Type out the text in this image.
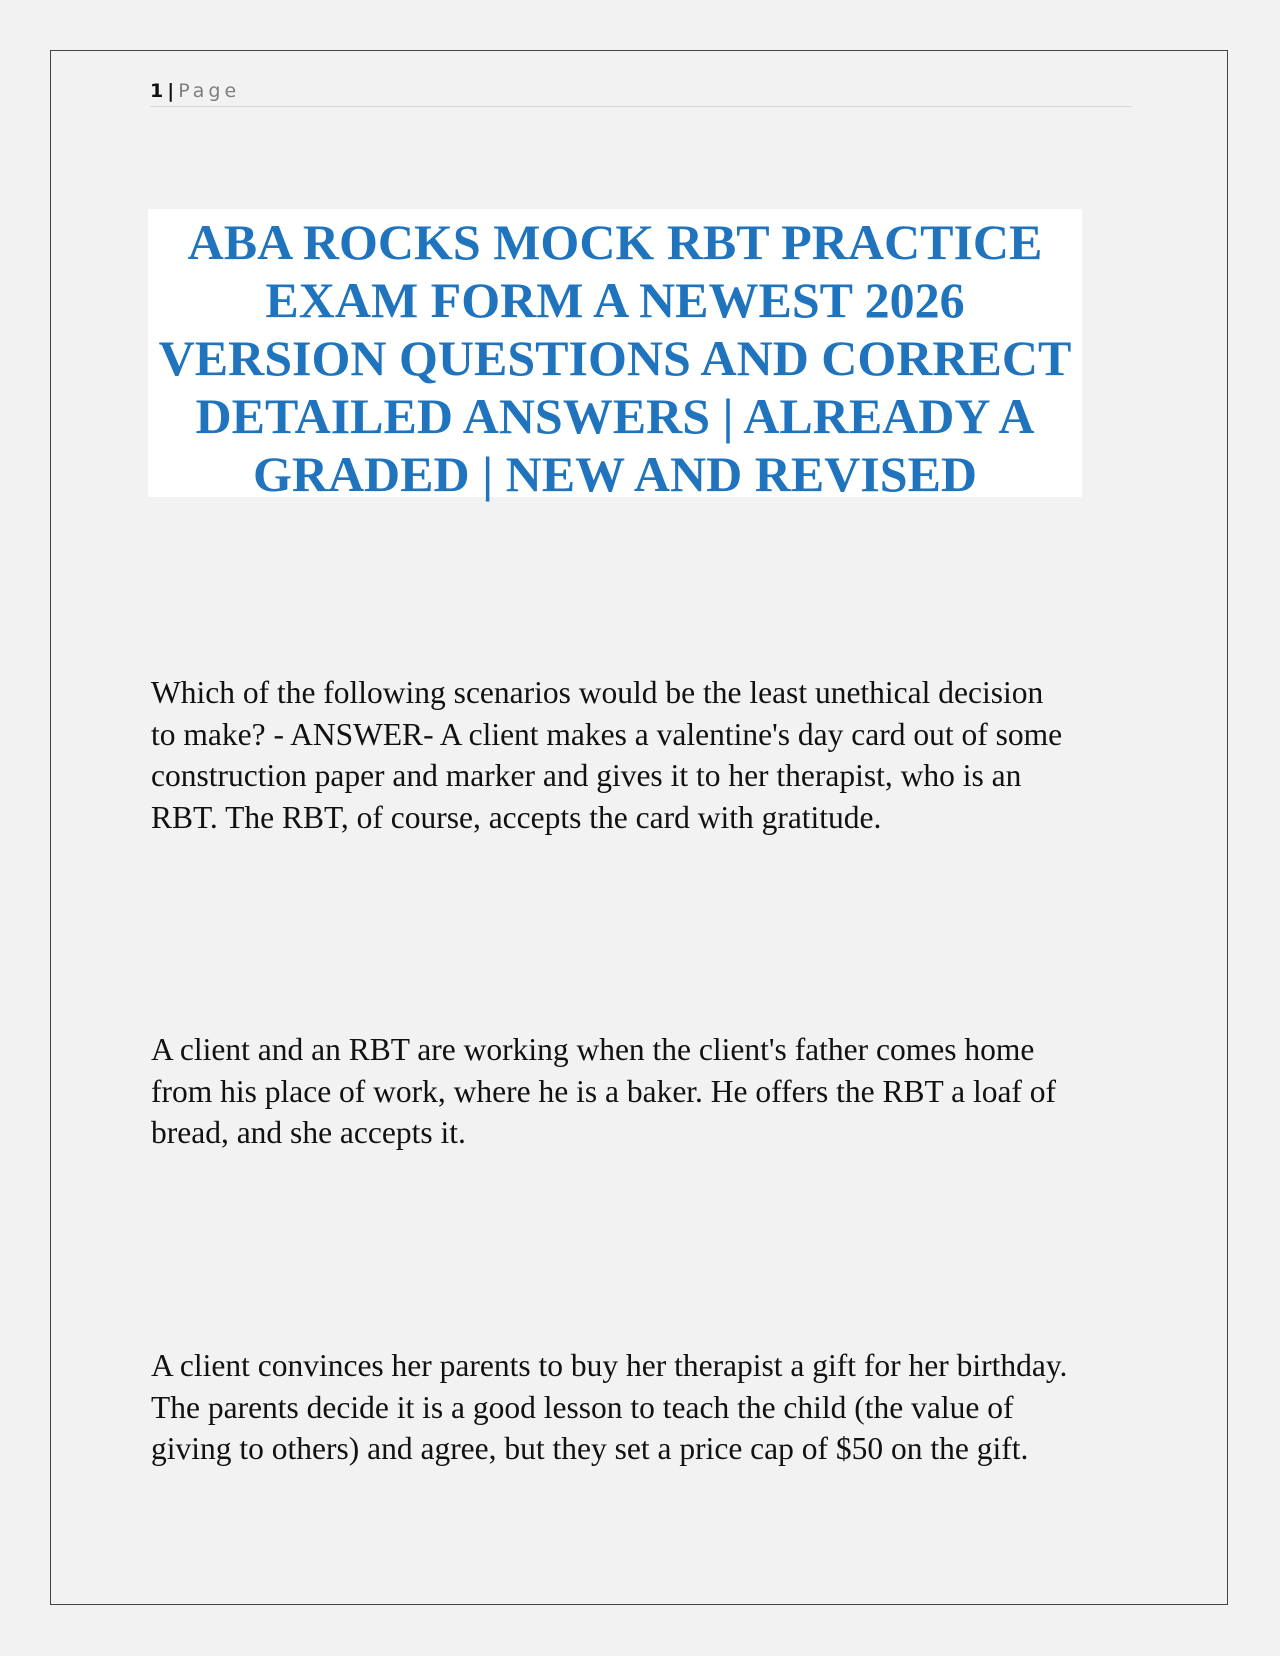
1 | Page
ABA ROCKS MOCK RBT PRACTICE
EXAM FORM A NEWEST 2026
VERSION QUESTIONS AND CORRECT
DETAILED ANSWERS | ALREADY A
GRADED | NEW AND REVISED
Which of the following scenarios would be the least unethical decision
to make? - ANSWER- A client makes a valentine's day card out of some
construction paper and marker and gives it to her therapist, who is an
RBT. The RBT, of course, accepts the card with gratitude.
A client and an RBT are working when the client's father comes home
from his place of work, where he is a baker. He offers the RBT a loaf of
bread, and she accepts it.
A client convinces her parents to buy her therapist a gift for her birthday.
The parents decide it is a good lesson to teach the child (the value of
giving to others) and agree, but they set a price cap of $50 on the gift.
